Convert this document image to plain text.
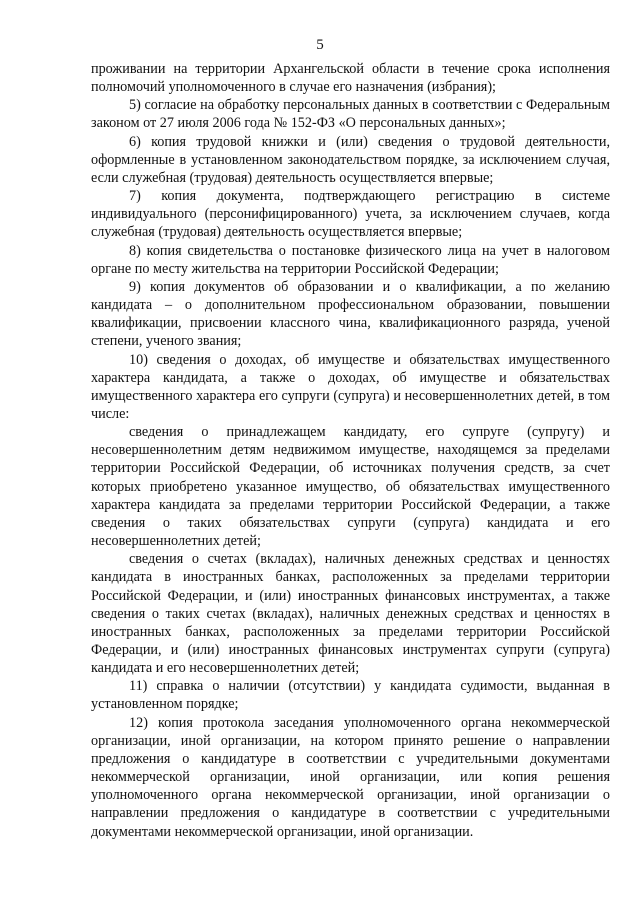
5

проживании на территории Архангельской области в течение срока исполнения полномочий уполномоченного в случае его назначения (избрания);

5) согласие на обработку персональных данных в соответствии с Федеральным законом от 27 июля 2006 года № 152-ФЗ «О персональных данных»;

6) копия трудовой книжки и (или) сведения о трудовой деятельности, оформленные в установленном законодательством порядке, за исключением случая, если служебная (трудовая) деятельность осуществляется впервые;

7) копия документа, подтверждающего регистрацию в системе индивидуального (персонифицированного) учета, за исключением случаев, когда служебная (трудовая) деятельность осуществляется впервые;

8) копия свидетельства о постановке физического лица на учет в налоговом органе по месту жительства на территории Российской Федерации;

9) копия документов об образовании и о квалификации, а по желанию кандидата – о дополнительном профессиональном образовании, повышении квалификации, присвоении классного чина, квалификационного разряда, ученой степени, ученого звания;

10) сведения о доходах, об имуществе и обязательствах имущественного характера кандидата, а также о доходах, об имуществе и обязательствах имущественного характера его супруги (супруга) и несовершеннолетних детей, в том числе:

сведения о принадлежащем кандидату, его супруге (супругу) и несовершеннолетним детям недвижимом имуществе, находящемся за пределами территории Российской Федерации, об источниках получения средств, за счет которых приобретено указанное имущество, об обязательствах имущественного характера кандидата за пределами территории Российской Федерации, а также сведения о таких обязательствах супруги (супруга) кандидата и его несовершеннолетних детей;

сведения о счетах (вкладах), наличных денежных средствах и ценностях кандидата в иностранных банках, расположенных за пределами территории Российской Федерации, и (или) иностранных финансовых инструментах, а также сведения о таких счетах (вкладах), наличных денежных средствах и ценностях в иностранных банках, расположенных за пределами территории Российской Федерации, и (или) иностранных финансовых инструментах супруги (супруга) кандидата и его несовершеннолетних детей;

11) справка о наличии (отсутствии) у кандидата судимости, выданная в установленном порядке;

12) копия протокола заседания уполномоченного органа некоммерческой организации, иной организации, на котором принято решение о направлении предложения о кандидатуре в соответствии с учредительными документами некоммерческой организации, иной организации, или копия решения уполномоченного органа некоммерческой организации, иной организации о направлении предложения о кандидатуре в соответствии с учредительными документами некоммерческой организации, иной организации.
